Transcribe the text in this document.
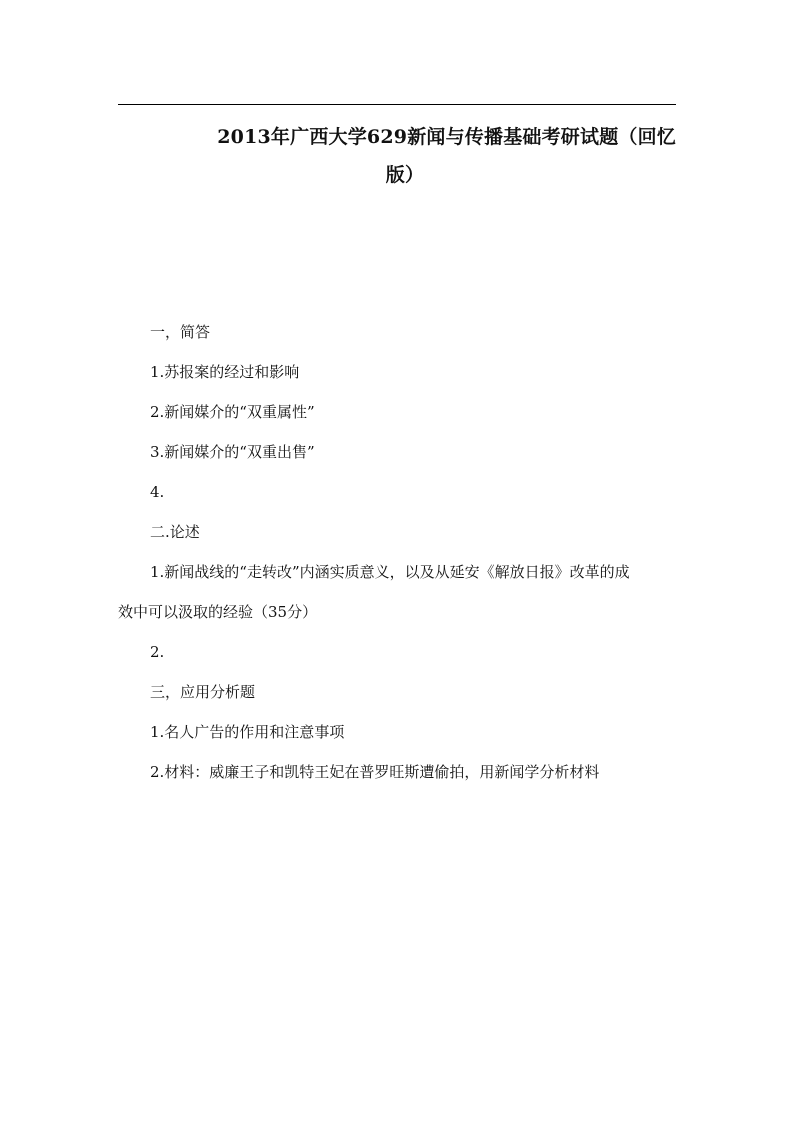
2013年广西大学629新闻与传播基础考研试题（回忆
版）
一，简答
1.苏报案的经过和影响
2.新闻媒介的“双重属性”
3.新闻媒介的“双重出售”
4.
二.论述
1.新闻战线的“走转改”内涵实质意义，以及从延安《解放日报》改革的成
效中可以汲取的经验（35分）
2.
三，应用分析题
1.名人广告的作用和注意事项
2.材料：威廉王子和凯特王妃在普罗旺斯遭偷拍，用新闻学分析材料
